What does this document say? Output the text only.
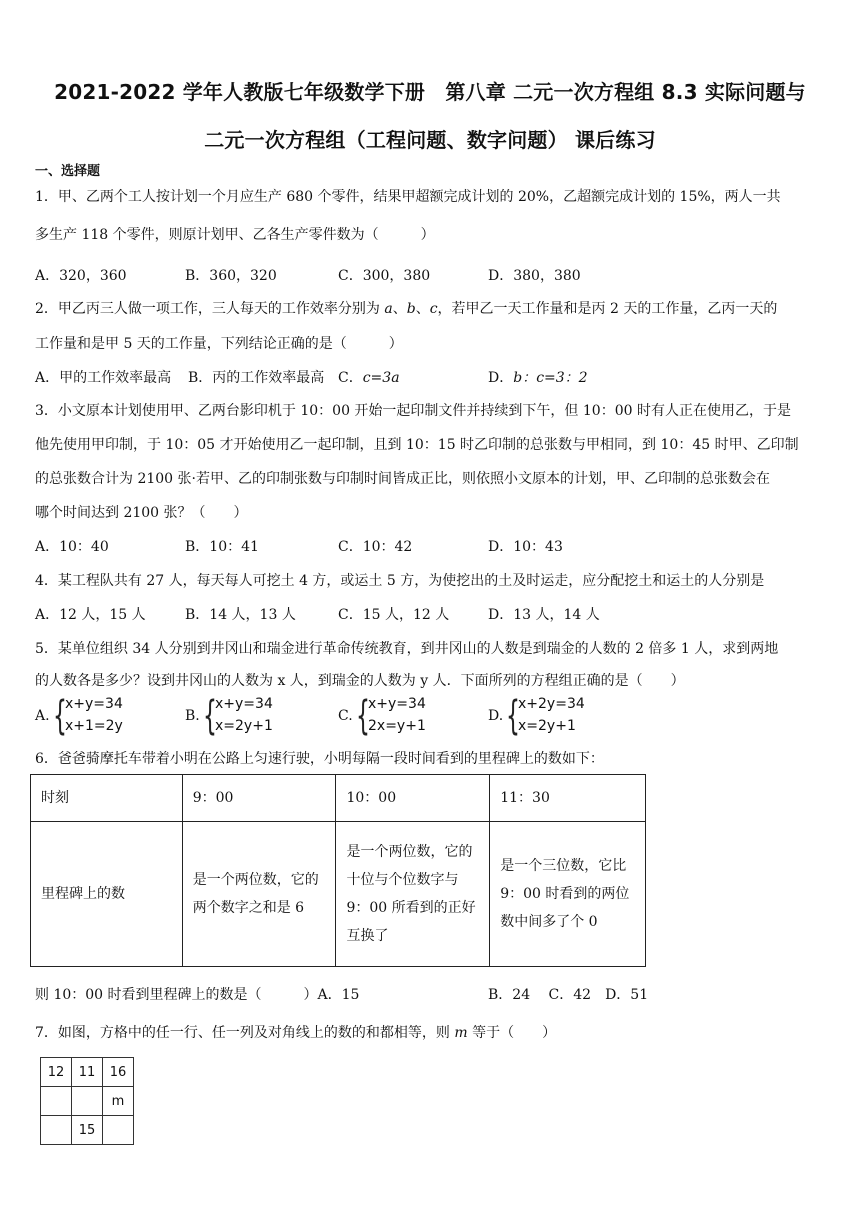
2021-2022 学年人教版七年级数学下册　第八章 二元一次方程组 8.3 实际问题与
二元一次方程组（工程问题、数字问题） 课后练习
一、选择题
1．甲、乙两个工人按计划一个月应生产 680 个零件，结果甲超额完成计划的 20%，乙超额完成计划的 15%，两人一共
多生产 118 个零件，则原计划甲、乙各生产零件数为（　　　）
A．320，360	B．360，320	C．300，380	D．380，380
2．甲乙丙三人做一项工作，三人每天的工作效率分别为 a、b、c，若甲乙一天工作量和是丙 2 天的工作量，乙丙一天的
工作量和是甲 5 天的工作量，下列结论正确的是（　　　）
A．甲的工作效率最高 B．丙的工作效率最高 C．c=3a	D．b：c=3：2
3．小文原本计划使用甲、乙两台影印机于 10：00 开始一起印制文件并持续到下午，但 10：00 时有人正在使用乙，于是
他先使用甲印制，于 10：05 才开始使用乙一起印制，且到 10：15 时乙印制的总张数与甲相同，到 10：45 时甲、乙印制
的总张数合计为 2100 张·若甲、乙的印制张数与印制时间皆成正比，则依照小文原本的计划，甲、乙印制的总张数会在
哪个时间达到 2100 张？（　　）
A．10：40	B．10：41	C．10：42	D．10：43
4．某工程队共有 27 人，每天每人可挖土 4 方，或运土 5 方，为使挖出的土及时运走，应分配挖土和运土的人分别是
A．12 人，15 人	B．14 人，13 人	C．15 人，12 人	D．13 人，14 人
5．某单位组织 34 人分别到井冈山和瑞金进行革命传统教育，到井冈山的人数是到瑞金的人数的 2 倍多 1 人，求到两地
的人数各是多少？设到井冈山的人数为 x 人，到瑞金的人数为 y 人．下面所列的方程组正确的是（　　）
A. {
x+y=34
x+1=2y
B. {
x+y=34
x=2y+1
C. {
x+y=34
2x=y+1
D. {
x+2y=34
x=2y+1
6．爸爸骑摩托车带着小明在公路上匀速行驶，小明每隔一段时间看到的里程碑上的数如下：
时刻	9：00	10：00	11：30
里程碑上的数	是一个两位数，它的两个数字之和是 6	是一个两位数，它的十位与个位数字与 9：00 所看到的正好互换了	是一个三位数，它比 9：00 时看到的两位数中间多了个 0
则 10：00 时看到里程碑上的数是（　　　）A．15	B．24　 C．42　D．51
7．如图，方格中的任一行、任一列及对角线上的数的和都相等，则 m 等于（　　）
12	11	16
		m
	15	
